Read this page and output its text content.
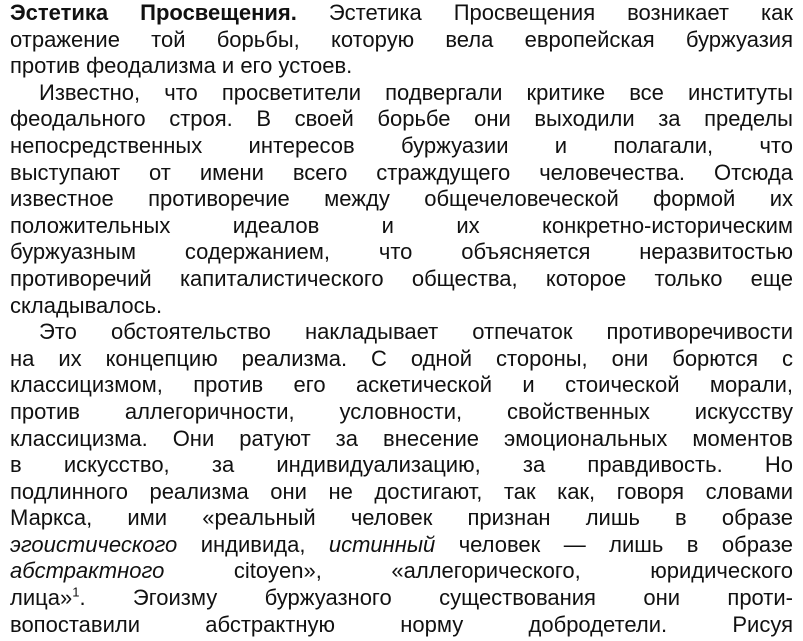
Эстетика Просвещения. Эстетика Просвещения возникает как
отражение той борьбы, которую вела европейская буржуазия
против феодализма и его устоев.
Известно, что просветители подвергали критике все институты
феодального строя. В своей борьбе они выходили за пределы
непосредственных интересов буржуазии и полагали, что
выступают от имени всего страждущего человечества. Отсюда
известное противоречие между общечеловеческой формой их
положительных идеалов и их конкретно-историческим
буржуазным содержанием, что объясняется неразвитостью
противоречий капиталистического общества, которое только еще
складывалось.
Это обстоятельство накладывает отпечаток противоречивости
на их концепцию реализма. С одной стороны, они борются с
классицизмом, против его аскетической и стоической морали,
против аллегоричности, условности, свойственных искусству
классицизма. Они ратуют за внесение эмоциональных моментов
в искусство, за индивидуализацию, за правдивость. Но
подлинного реализма они не достигают, так как, говоря словами
Маркса, ими «реальный человек признан лишь в образе
эгоистического индивида, истинный человек — лишь в образе
абстрактного citoyen», «аллегорического, юридического
лица»$^1$. Эгоизму буржуазного существования они проти-
вопоставили абстрактную норму добродетели. Рисуя
